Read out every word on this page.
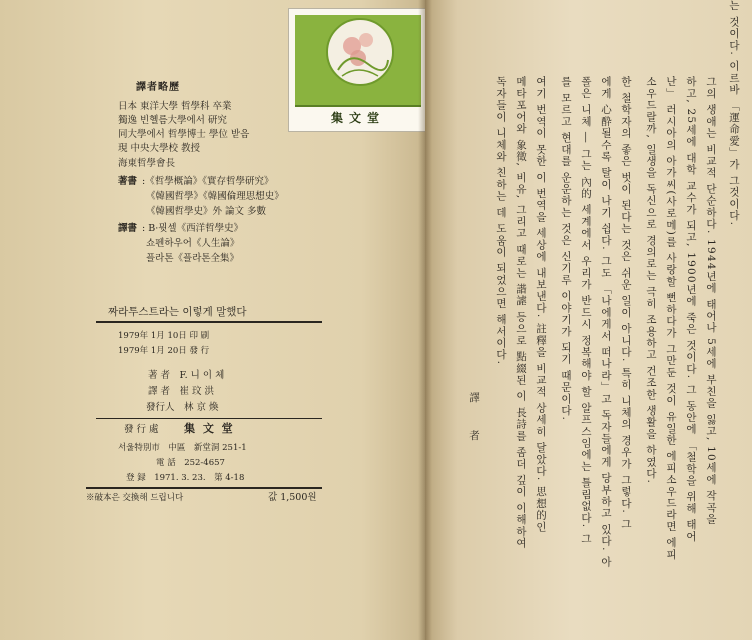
集文堂
譯者略歷
日本 東洋大學 哲學科 卒業
獨逸 빈헬름大學에서 研究
同大學에서 哲學博士 學位 받음
現 中央大學校 教授
海東哲學會長
著書 :《哲學概論》《實存哲學研究》
《韓國哲學》《韓國倫理思想史》
《韓國哲學史》外 論文 多數
譯書 : B·뮛셀《西洋哲學史》
쇼펜하우어《人生論》
플라톤《플라톤全集》
짜라투스트라는 이렇게 말했다
1979年 1月 10日 印 刷
1979年 1月 20日 發 行
著 者　F. 니 이 체
譯 者　崔 玟 洪
發行人　林 京 煥
發 行 處 集 文 堂
서울特別市　中區　新堂洞 251-1
電 話　252-4657
登 録　1971. 3. 23.　第 4-18
※破本은 交換해 드립니다	값 1,500원
는 것이다. 이르바 「運命愛」가 그것이다.
그의 생애는 비교적 단순하다. 1944년에 태어나 5세에 부친을 잃고, 10세에 작곡을
하고, 25세에 대학 교수가 되고, 1900년에 죽은 것이다. 그 동안에 「철학을 위해 태어
난」 러시아의 아가씨(사로메)를 사랑할 뻔하다가 그만둔 것이 유일한 에피소우드라면 에피
소우드랄까, 일생을 독신으로 경의로는 극히 조용하고 건조한 생활을 하였다.
한 철학자의 좋은 벗이 된다는 것은 쉬운 일이 아니다. 특히 니체의 경우가 그렇다. 그
에게 心酔될수록 탈이 나기 쉽다. 그도 「나에게서 떠나라」고 독자들에게 당부하고 있다. 아
폴은 니체 ― 그는 內的 세계에서 우리가 반드시 정복해야 할 알프스임에는 틀림없다. 그
를 모르고 현대를 운운하는 것은 신기루 이야기가 되기 때문이다.
여기 번역이 못한 이 번역을 세상에 내보낸다. 註釋을 비교적 상세히 달았다. 思想的인
메타포어와 象徵, 비유, 그리고 때로는 諧謔 등으로 點綴된 이 長詩를 좀더 깊이 이해하여
독자들이 니체와 친하는 데 도움이 되었으면 해서이다.
譯 者
